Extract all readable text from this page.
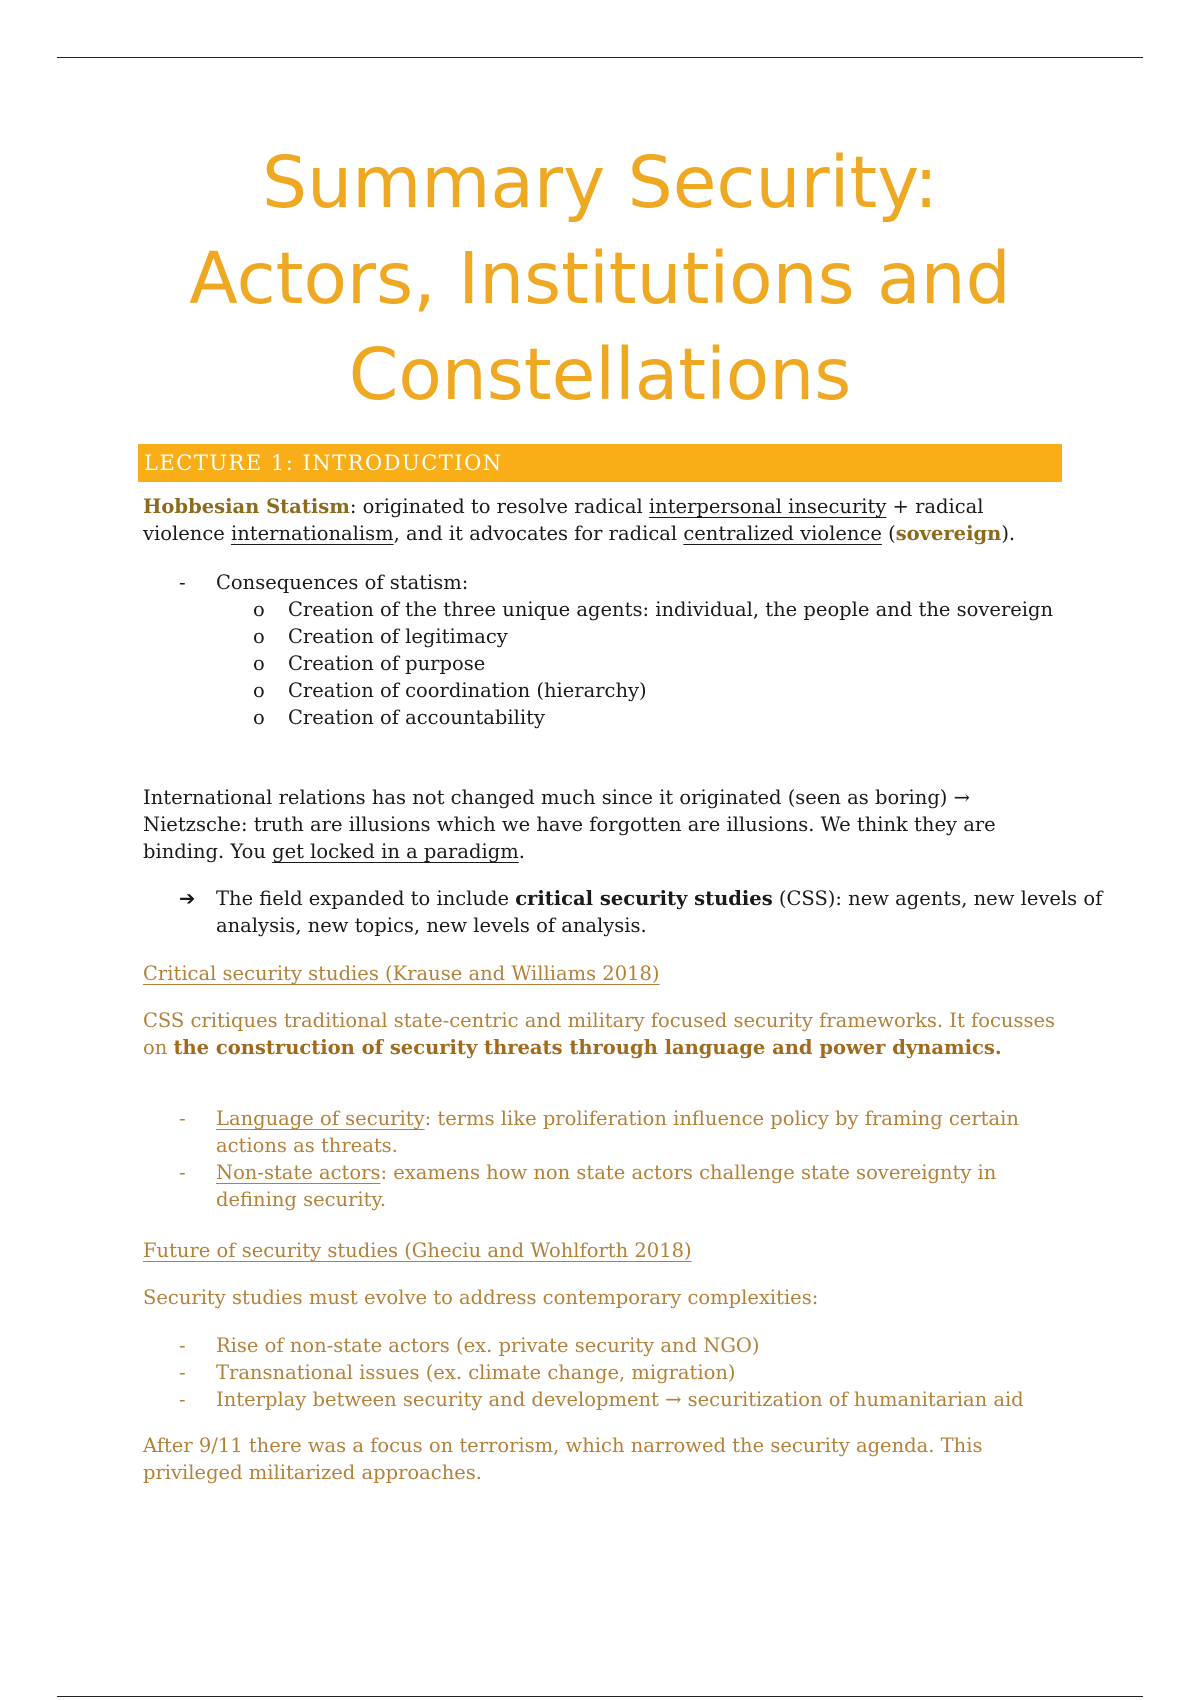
Summary Security:
Actors, Institutions and
Constellations
LECTURE 1: INTRODUCTION

Hobbesian Statism: originated to resolve radical interpersonal insecurity + radical violence internationalism, and it advocates for radical centralized violence (sovereign).

- Consequences of statism:
o Creation of the three unique agents: individual, the people and the sovereign
o Creation of legitimacy
o Creation of purpose
o Creation of coordination (hierarchy)
o Creation of accountability

International relations has not changed much since it originated (seen as boring) → Nietzsche: truth are illusions which we have forgotten are illusions. We think they are binding. You get locked in a paradigm.

➔ The field expanded to include critical security studies (CSS): new agents, new levels of analysis, new topics, new levels of analysis.

Critical security studies (Krause and Williams 2018)

CSS critiques traditional state-centric and military focused security frameworks. It focusses on the construction of security threats through language and power dynamics.

- Language of security: terms like proliferation influence policy by framing certain actions as threats.
- Non-state actors: examens how non state actors challenge state sovereignty in defining security.

Future of security studies (Gheciu and Wohlforth 2018)

Security studies must evolve to address contemporary complexities:

- Rise of non-state actors (ex. private security and NGO)
- Transnational issues (ex. climate change, migration)
- Interplay between security and development → securitization of humanitarian aid

After 9/11 there was a focus on terrorism, which narrowed the security agenda. This privileged militarized approaches.
